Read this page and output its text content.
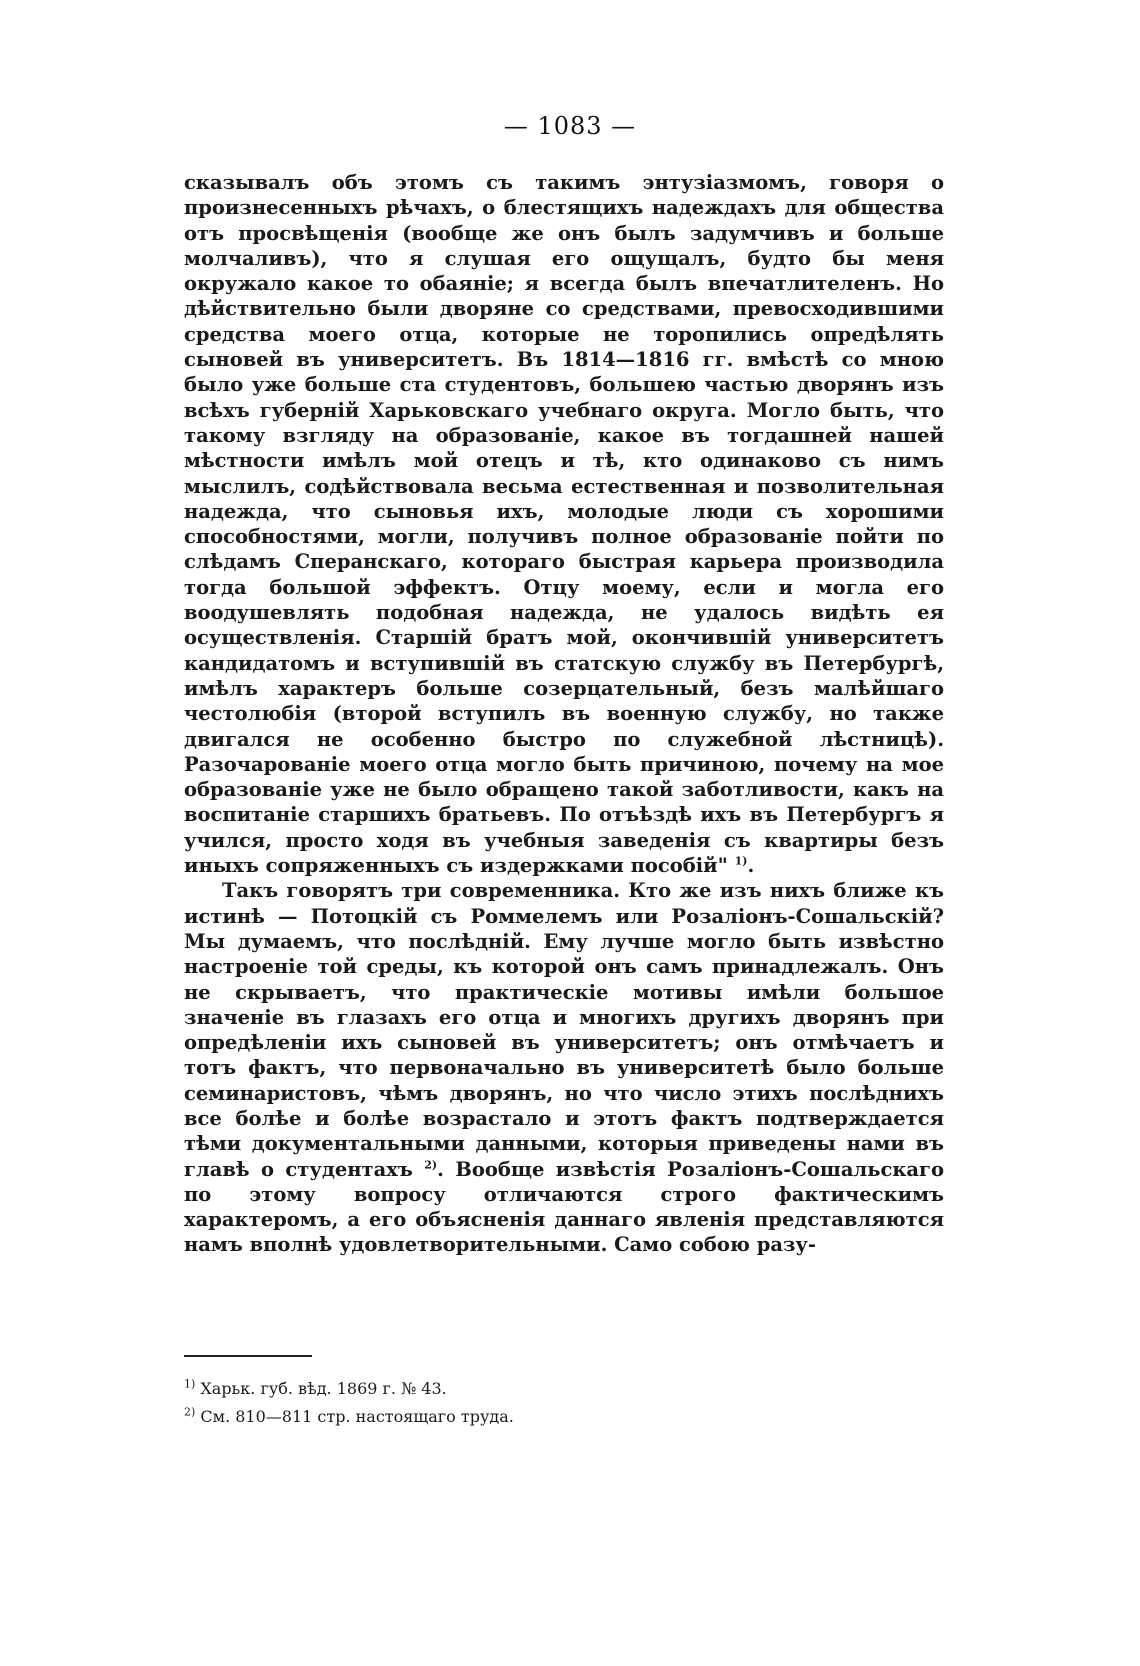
— 1083 —

сказывалъ объ этомъ съ такимъ энтузіазмомъ, говоря о произнесенныхъ рѣчахъ, о блестящихъ надеждахъ для общества отъ просвѣщенія (вообще же онъ былъ задумчивъ и больше молчаливъ), что я слушая его ощущалъ, будто бы меня окружало какое то обаяніе; я всегда былъ впечатлителенъ. Но дѣйствительно были дворяне со средствами, превосходившими средства моего отца, которые не торопились опредѣлять сыновей въ университетъ. Въ 1814—1816 гг. вмѣстѣ со мною было уже больше ста студентовъ, большею частью дворянъ изъ всѣхъ губерній Харьковскаго учебнаго округа. Могло быть, что такому взгляду на образованіе, какое въ тогдашней нашей мѣстности имѣлъ мой отецъ и тѣ, кто одинаково съ нимъ мыслилъ, содѣйствовала весьма естественная и позволительная надежда, что сыновья ихъ, молодые люди съ хорошими способностями, могли, получивъ полное образованіе пойти по слѣдамъ Сперанскаго, котораго быстрая карьера производила тогда большой эффектъ. Отцу моему, если и могла его воодушевлять подобная надежда, не удалось видѣть ея осуществленія. Старшій братъ мой, окончившій университетъ кандидатомъ и вступившій въ статскую службу въ Петербургѣ, имѣлъ характеръ больше созерцательный, безъ малѣйшаго честолюбія (второй вступилъ въ военную службу, но также двигался не особенно быстро по служебной лѣстницѣ). Разочарованіе моего отца могло быть причиною, почему на мое образованіе уже не было обращено такой заботливости, какъ на воспитаніе старшихъ братьевъ. По отъѣздѣ ихъ въ Петербургъ я учился, просто ходя въ учебныя заведенія съ квартиры безъ иныхъ сопряженныхъ съ издержками пособій" $^{1)}$.

Такъ говорятъ три современника. Кто же изъ нихъ ближе къ истинѣ — Потоцкій съ Роммелемъ или Розаліонъ-Сошальскій? Мы думаемъ, что послѣдній. Ему лучше могло быть извѣстно настроеніе той среды, къ которой онъ самъ принадлежалъ. Онъ не скрываетъ, что практическіе мотивы имѣли большое значеніе въ глазахъ его отца и многихъ другихъ дворянъ при опредѣленіи ихъ сыновей въ университетъ; онъ отмѣчаетъ и тотъ фактъ, что первоначально въ университетѣ было больше семинаристовъ, чѣмъ дворянъ, но что число этихъ послѣднихъ все болѣе и болѣе возрастало и этотъ фактъ подтверждается тѣми документальными данными, которыя приведены нами въ главѣ о студентахъ $^{2)}$. Вообще извѣстія Розаліонъ-Сошальскаго по этому вопросу отличаются строго фактическимъ характеромъ, а его объясненія даннаго явленія представляются намъ вполнѣ удовлетворительными. Само собою разу-

$^{1)}$ Харьк. губ. вѣд. 1869 г. № 43.
$^{2)}$ См. 810—811 стр. настоящаго труда.
